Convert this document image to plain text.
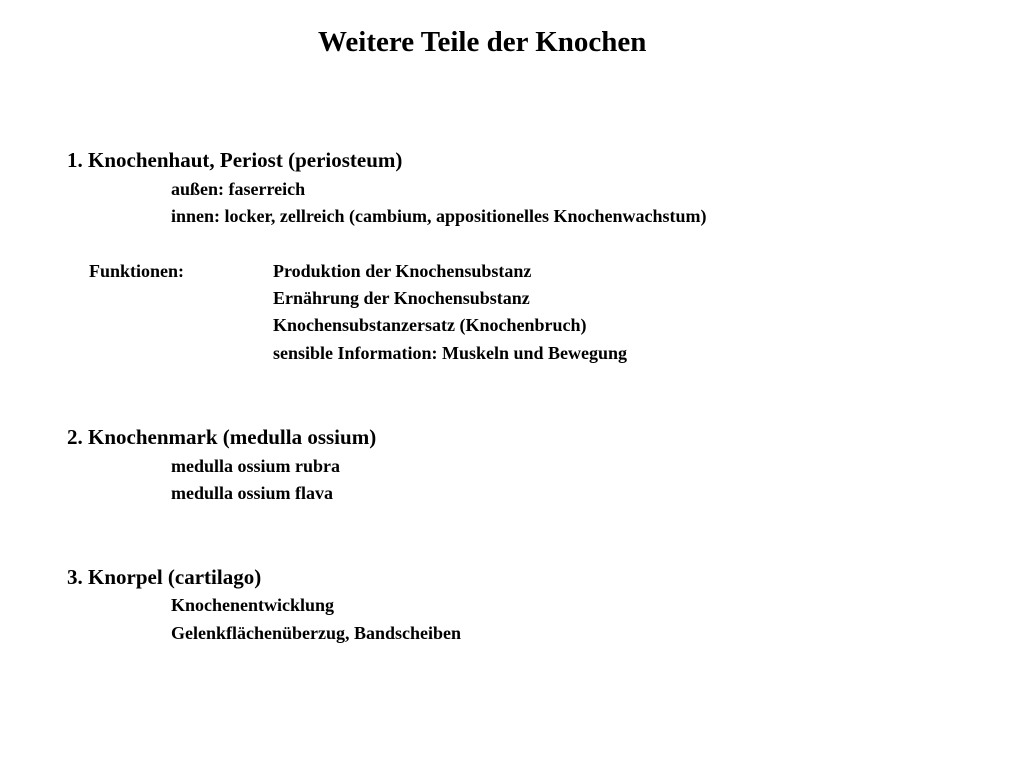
Weitere Teile der Knochen
1. Knochenhaut, Periost (periosteum)
außen: faserreich
innen: locker, zellreich (cambium, appositionelles Knochenwachstum)
Funktionen:	Produktion der Knochensubstanz
Ernährung der Knochensubstanz
Knochensubstanzersatz (Knochenbruch)
sensible Information: Muskeln und Bewegung
2. Knochenmark (medulla ossium)
medulla ossium rubra
medulla ossium flava
3. Knorpel (cartilago)
Knochenentwicklung
Gelenkflächenüberzug, Bandscheiben
